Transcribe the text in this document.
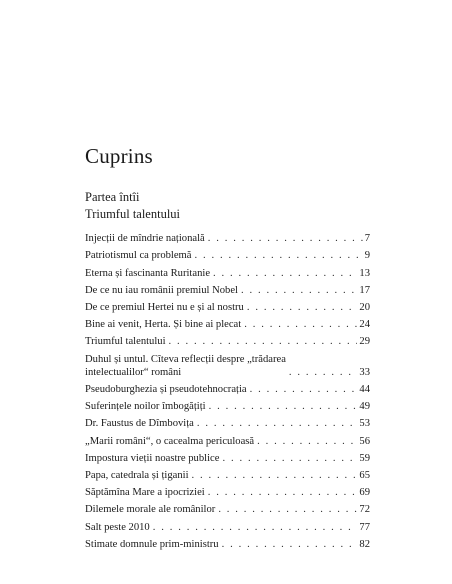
Cuprins
Partea întîi
Triumful talentului
Injecții de mîndrie națională . . .	7
Patriotismul ca problemă . . .	9
Eterna și fascinanta Ruritanie . . .	13
De ce nu iau românii premiul Nobel . . .	17
De ce premiul Hertei nu e și al nostru . . .	20
Bine ai venit, Herta. Și bine ai plecat . . .	24
Triumful talentului . . .	29
Duhul și untul. Cîteva reflecții despre „trădarea
intelectualilor“ români . . .	33
Pseudoburghezia și pseudotehnocrația . . .	44
Suferințele noilor îmbogățiți . . .	49
Dr. Faustus de Dîmbovița . . .	53
„Marii români“, o cacealma periculoasă . . .	56
Impostura vieții noastre publice . . .	59
Papa, catedrala și țiganii . . .	65
Săptămîna Mare a ipocriziei . . .	69
Dilemele morale ale românilor . . .	72
Salt peste 2010 . . .	77
Stimate domnule prim-ministru . . .	82
